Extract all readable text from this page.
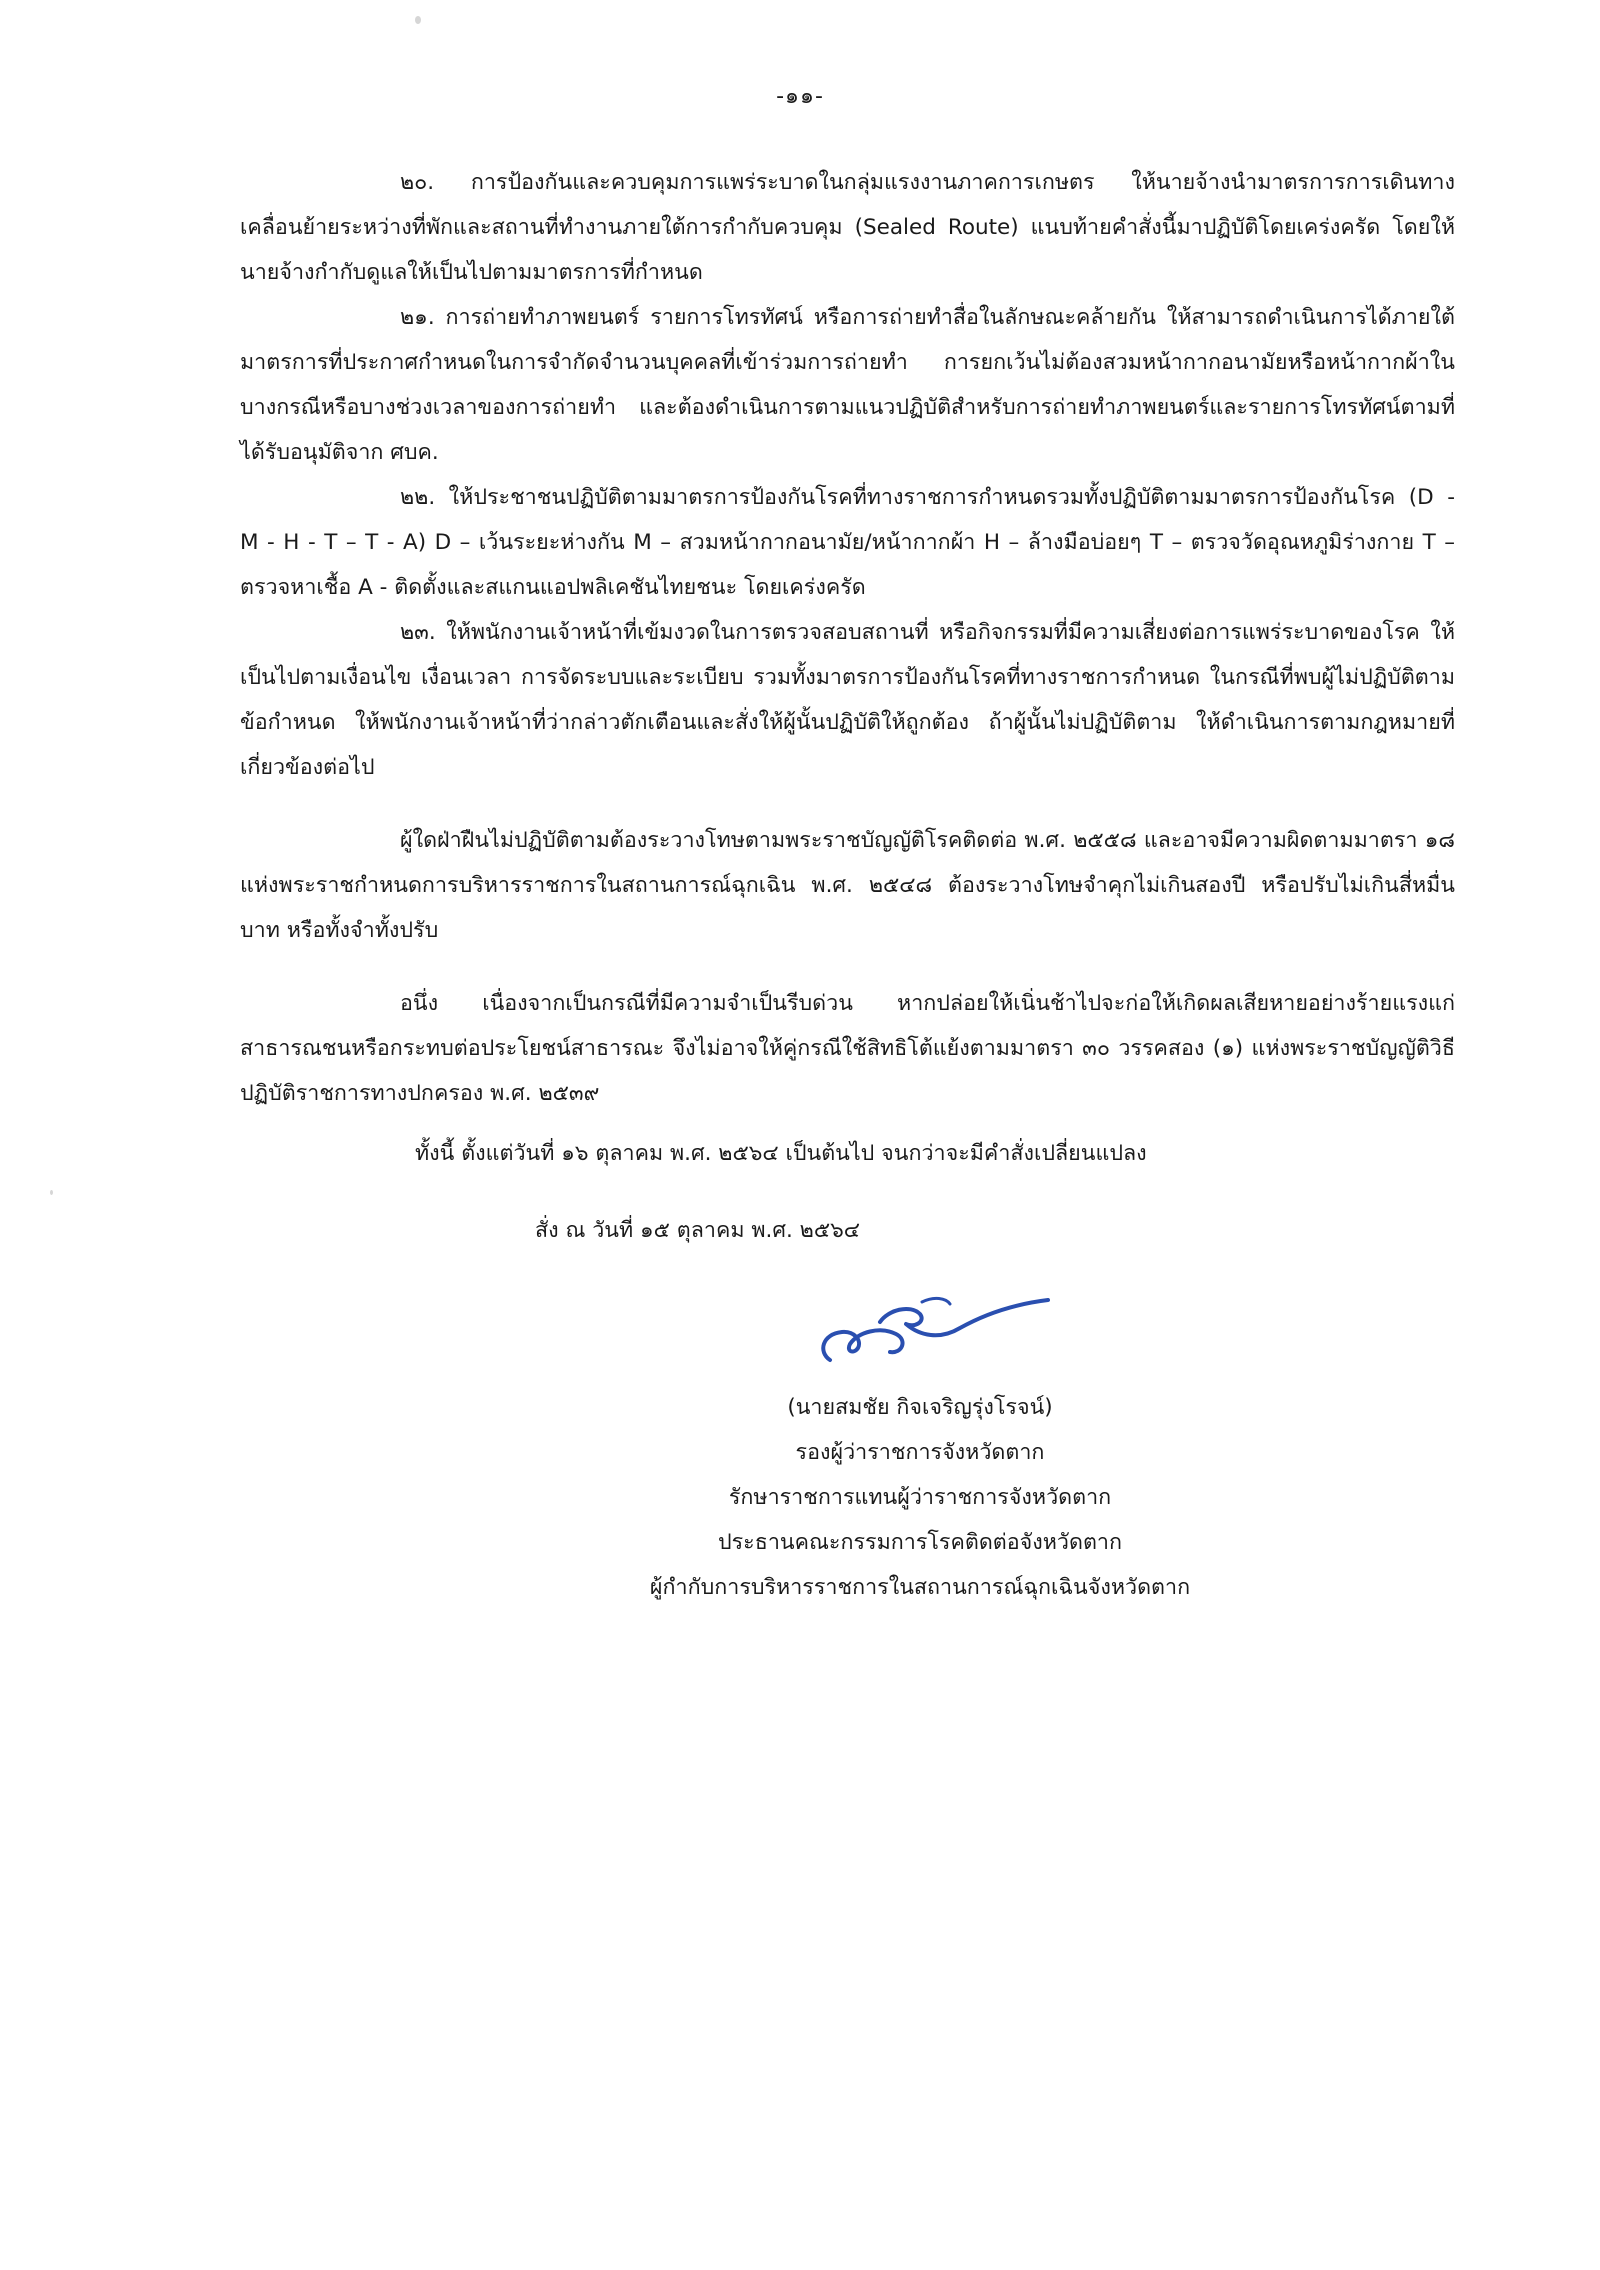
-๑๑-

๒๐. การป้องกันและควบคุมการแพร่ระบาดในกลุ่มแรงงานภาคการเกษตร ให้นายจ้างนำมาตรการการเดินทางเคลื่อนย้ายระหว่างที่พักและสถานที่ทำงานภายใต้การกำกับควบคุม (Sealed Route) แนบท้ายคำสั่งนี้มาปฏิบัติโดยเคร่งครัด โดยให้นายจ้างกำกับดูแลให้เป็นไปตามมาตรการที่กำหนด

๒๑. การถ่ายทำภาพยนตร์ รายการโทรทัศน์ หรือการถ่ายทำสื่อในลักษณะคล้ายกัน ให้สามารถดำเนินการได้ภายใต้มาตรการที่ประกาศกำหนดในการจำกัดจำนวนบุคคลที่เข้าร่วมการถ่ายทำ การยกเว้นไม่ต้องสวมหน้ากากอนามัยหรือหน้ากากผ้าในบางกรณีหรือบางช่วงเวลาของการถ่ายทำ และต้องดำเนินการตามแนวปฏิบัติสำหรับการถ่ายทำภาพยนตร์และรายการโทรทัศน์ตามที่ได้รับอนุมัติจาก ศบค.

๒๒. ให้ประชาชนปฏิบัติตามมาตรการป้องกันโรคที่ทางราชการกำหนดรวมทั้งปฏิบัติตามมาตรการป้องกันโรค (D - M - H - T – T - A) D – เว้นระยะห่างกัน M – สวมหน้ากากอนามัย/หน้ากากผ้า H – ล้างมือบ่อยๆ T – ตรวจวัดอุณหภูมิร่างกาย T – ตรวจหาเชื้อ A - ติดตั้งและสแกนแอปพลิเคชันไทยชนะ โดยเคร่งครัด

๒๓. ให้พนักงานเจ้าหน้าที่เข้มงวดในการตรวจสอบสถานที่ หรือกิจกรรมที่มีความเสี่ยงต่อการแพร่ระบาดของโรค ให้เป็นไปตามเงื่อนไข เงื่อนเวลา การจัดระบบและระเบียบ รวมทั้งมาตรการป้องกันโรคที่ทางราชการกำหนด ในกรณีที่พบผู้ไม่ปฏิบัติตามข้อกำหนด ให้พนักงานเจ้าหน้าที่ว่ากล่าวตักเตือนและสั่งให้ผู้นั้นปฏิบัติให้ถูกต้อง ถ้าผู้นั้นไม่ปฏิบัติตาม ให้ดำเนินการตามกฎหมายที่เกี่ยวข้องต่อไป

ผู้ใดฝ่าฝืนไม่ปฏิบัติตามต้องระวางโทษตามพระราชบัญญัติโรคติดต่อ พ.ศ. ๒๕๕๘ และอาจมีความผิดตามมาตรา ๑๘ แห่งพระราชกำหนดการบริหารราชการในสถานการณ์ฉุกเฉิน พ.ศ. ๒๕๔๘ ต้องระวางโทษจำคุกไม่เกินสองปี หรือปรับไม่เกินสี่หมื่นบาท หรือทั้งจำทั้งปรับ

อนึ่ง เนื่องจากเป็นกรณีที่มีความจำเป็นรีบด่วน หากปล่อยให้เนิ่นช้าไปจะก่อให้เกิดผลเสียหายอย่างร้ายแรงแก่สาธารณชนหรือกระทบต่อประโยชน์สาธารณะ จึงไม่อาจให้คู่กรณีใช้สิทธิโต้แย้งตามมาตรา ๓๐ วรรคสอง (๑) แห่งพระราชบัญญัติวิธีปฏิบัติราชการทางปกครอง พ.ศ. ๒๕๓๙

ทั้งนี้ ตั้งแต่วันที่ ๑๖ ตุลาคม พ.ศ. ๒๕๖๔ เป็นต้นไป จนกว่าจะมีคำสั่งเปลี่ยนแปลง
สั่ง ณ วันที่ ๑๕ ตุลาคม พ.ศ. ๒๕๖๔
(นายสมชัย กิจเจริญรุ่งโรจน์)
รองผู้ว่าราชการจังหวัดตาก
รักษาราชการแทนผู้ว่าราชการจังหวัดตาก
ประธานคณะกรรมการโรคติดต่อจังหวัดตาก
ผู้กำกับการบริหารราชการในสถานการณ์ฉุกเฉินจังหวัดตาก
